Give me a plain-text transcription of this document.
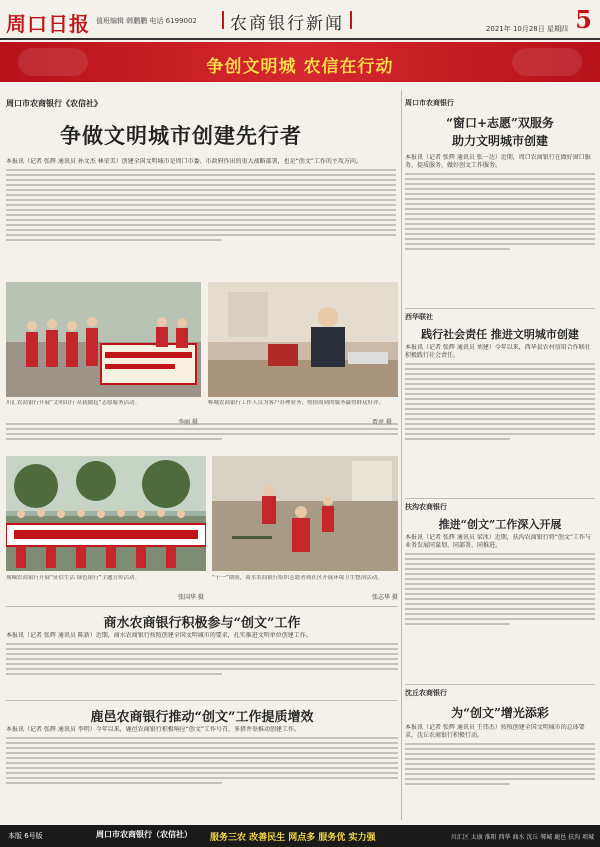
周口日报 值班编辑 韩鹏鹏 电话 6199002 农商银行新闻	2021年 10月28日 星期四 5
争创文明城 农信在行动
周口市农商银行《农信社》
争做文明城市创建先行者
本报讯（记者 张辉 通讯员 孙文杰 林荣美）创建全国文明城市是周口市委、市政府作出的重大战略部署，也是“创文”工作的主攻方向。
川汇农商银行开展“文明出行 从我做起”志愿服务活动。	郸城农商银行工作人员为客户办理业务，热情周到的服务赢得群众好评。
项城农商银行开展“征信生活 绿色银行”主题宣传活动。
张国华 摄
“十一”期间，商水农商银行组织志愿者到社区开展环境卫生整治活动。
张志华 摄
商水农商银行积极参与“创文”工作
本报讯（记者 张辉 通讯员 陈新）近期，商水农商银行按照创建全国文明城市的要求，扎实推进文明单位创建工作。
鹿邑农商银行推动“创文”工作提质增效
本报讯（记者 张辉 通讯员 李明）今年以来，鹿邑农商银行积极响应“创文”工作号召，多措并举推动创建工作。
周口市农商银行
“窗口+志愿”双服务
助力文明城市创建
本报讯（记者 张辉 通讯员 张一达）近期，周口农商银行在做好窗口服务、提质服务，做好创文工作服务。
西华联社
践行社会责任 推进文明城市创建
本报讯（记者 张辉 通讯员 刘建）今年以来，西华县农村信用合作联社积极践行社会责任。
扶沟农商银行
推进“创文”工作深入开展
本报讯（记者 张辉 通讯员 梁冰）近期，扶沟农商银行将“创文”工作与业务发展同谋划、同部署、同推进。
沈丘农商银行
为“创文”增光添彩
本报讯（记者 张辉 通讯员 王伟杰）按照创建全国文明城市的总体要求，沈丘农商银行积极行动。
本版 6号版	周口市农商银行（农信社） 服务三农 改善民生 网点多 服务优 实力强	川汇区 太康 淮阳 西华 商水 沈丘 郸城 鹿邑 扶沟 项城
